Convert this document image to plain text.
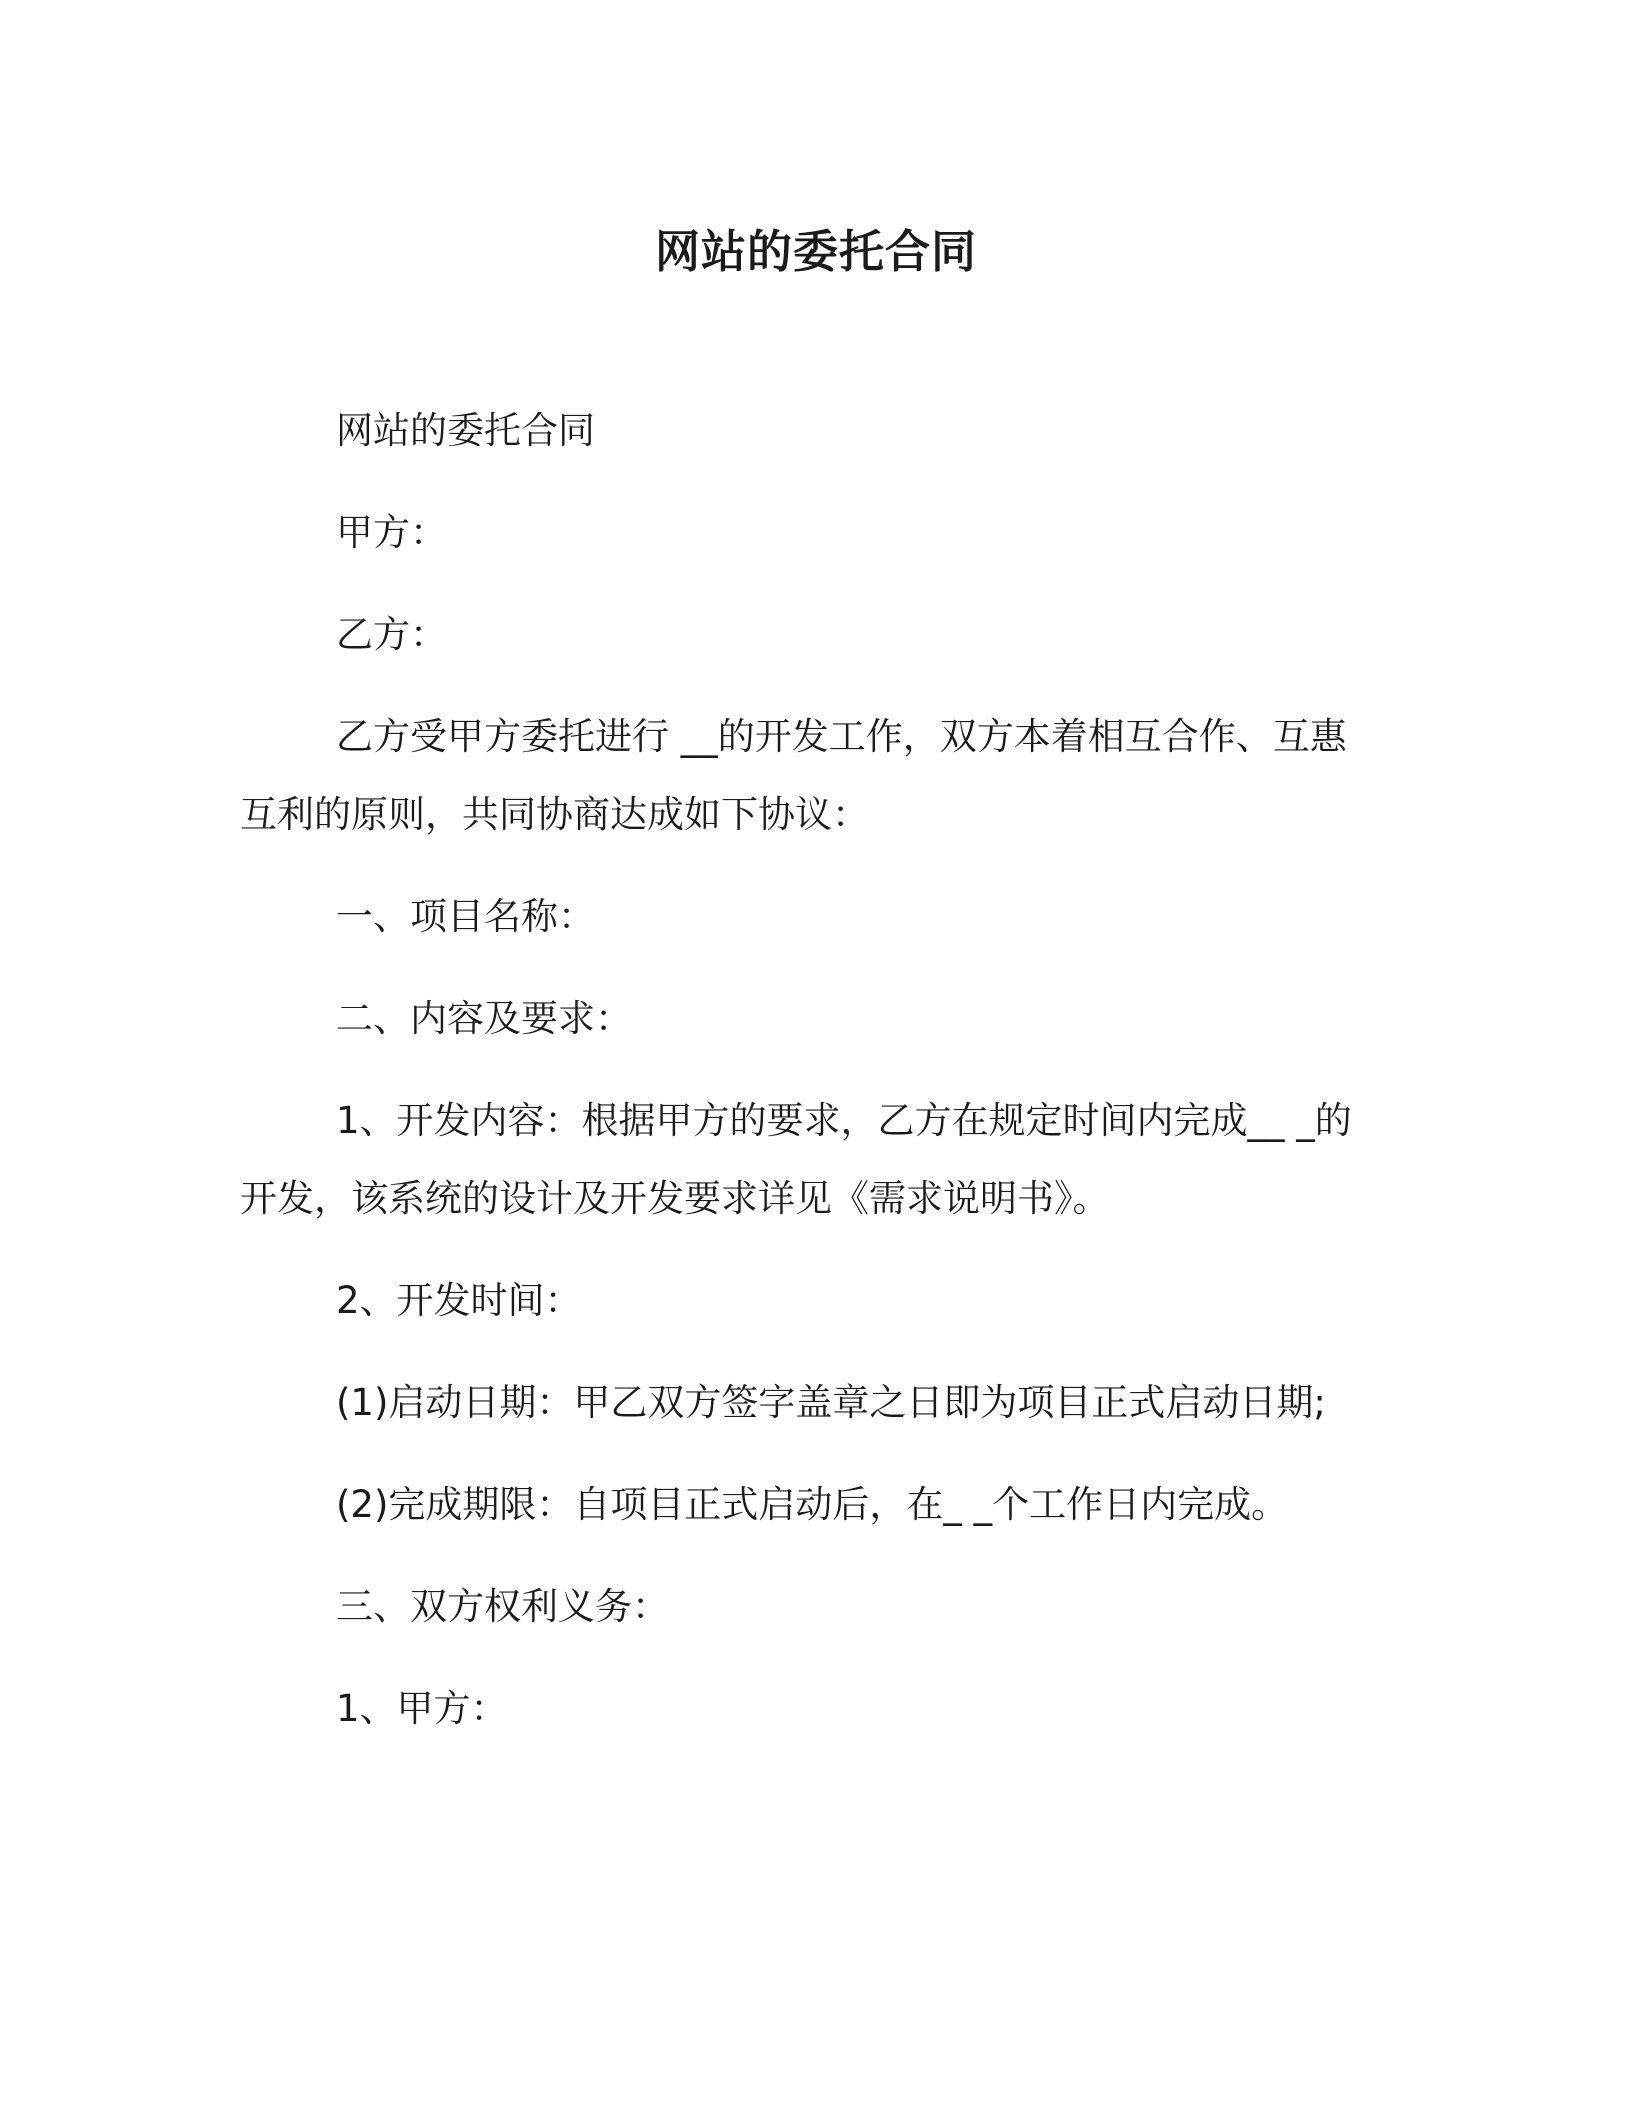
网站的委托合同

网站的委托合同

甲方：

乙方：

乙方受甲方委托进行 __的开发工作，双方本着相互合作、互惠互利的原则，共同协商达成如下协议：

一、项目名称：

二、内容及要求：

1、开发内容：根据甲方的要求，乙方在规定时间内完成__ _的开发，该系统的设计及开发要求详见《需求说明书》。

2、开发时间：

(1)启动日期：甲乙双方签字盖章之日即为项目正式启动日期;

(2)完成期限：自项目正式启动后，在_ _个工作日内完成。

三、双方权利义务：

1、甲方：
